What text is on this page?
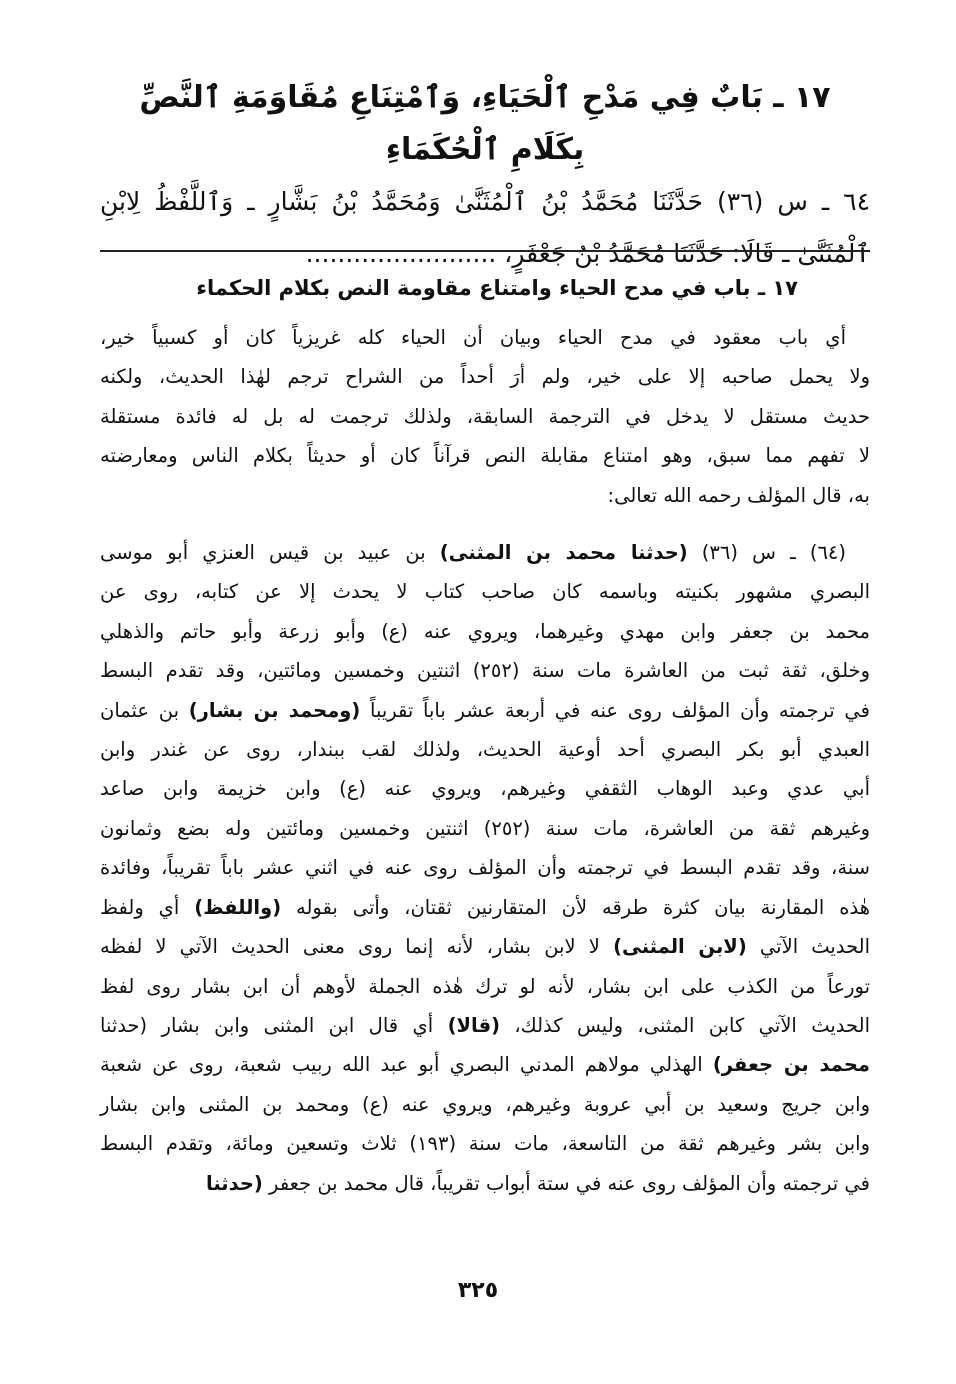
١٧ ـ بَابٌ فِي مَدْحِ ٱلْحَيَاءِ، وَٱمْتِنَاعِ مُقَاوَمَةِ ٱلنَّصِّ بِكَلَامِ ٱلْحُكَمَاءِ

٦٤ ـ س (٣٦) حَدَّثَنَا مُحَمَّدُ بْنُ ٱلْمُثَنَّىٰ وَمُحَمَّدُ بْنُ بَشَّارٍ ـ وَٱللَّفْظُ لِابْنِ

ٱلْمُثَنَّىٰ ـ قَالَا: حَدَّثَنَا مُحَمَّدُ بْنُ جَعْفَرٍ، ........................

١٧ ـ باب في مدح الحياء وامتناع مقاومة النص بكلام الحكماء
أي باب معقود في مدح الحياء وبيان أن الحياء كله غريزياً كان أو كسبياً خير،
ولا يحمل صاحبه إلا على خير، ولم أرَ أحداً من الشراح ترجم لهٰذا الحديث، ولكنه
حديث مستقل لا يدخل في الترجمة السابقة، ولذلك ترجمت له بل له فائدة مستقلة
لا تفهم مما سبق، وهو امتناع مقابلة النص قرآناً كان أو حديثاً بكلام الناس ومعارضته
به، قال المؤلف رحمه الله تعالى:
(٦٤) ـ س (٣٦) (حدثنا محمد بن المثنى) بن عبيد بن قيس العنزي أبو موسى
البصري مشهور بكنيته وباسمه كان صاحب كتاب لا يحدث إلا عن كتابه، روى عن
محمد بن جعفر وابن مهدي وغيرهما، ويروي عنه (ع) وأبو زرعة وأبو حاتم والذهلي
وخلق، ثقة ثبت من العاشرة مات سنة (٢٥٢) اثنتين وخمسين ومائتين، وقد تقدم البسط
في ترجمته وأن المؤلف روى عنه في أربعة عشر باباً تقريباً (ومحمد بن بشار) بن عثمان
العبدي أبو بكر البصري أحد أوعية الحديث، ولذلك لقب ببندار، روى عن غندر وابن
أبي عدي وعبد الوهاب الثقفي وغيرهم، ويروي عنه (ع) وابن خزيمة وابن صاعد
وغيرهم ثقة من العاشرة، مات سنة (٢٥٢) اثنتين وخمسين ومائتين وله بضع وثمانون
سنة، وقد تقدم البسط في ترجمته وأن المؤلف روى عنه في اثني عشر باباً تقريباً، وفائدة
هٰذه المقارنة بيان كثرة طرقه لأن المتقارنين ثقتان، وأتى بقوله (واللفظ) أي ولفظ
الحديث الآتي (لابن المثنى) لا لابن بشار، لأنه إنما روى معنى الحديث الآتي لا لفظه
تورعاً من الكذب على ابن بشار، لأنه لو ترك هٰذه الجملة لأوهم أن ابن بشار روى لفظ
الحديث الآتي كابن المثنى، وليس كذلك، (قالا) أي قال ابن المثنى وابن بشار (حدثنا
محمد بن جعفر) الهذلي مولاهم المدني البصري أبو عبد الله ربيب شعبة، روى عن شعبة
وابن جريج وسعيد بن أبي عروبة وغيرهم، ويروي عنه (ع) ومحمد بن المثنى وابن بشار
وابن بشر وغيرهم ثقة من التاسعة، مات سنة (١٩٣) ثلاث وتسعين ومائة، وتقدم البسط
في ترجمته وأن المؤلف روى عنه في ستة أبواب تقريباً، قال محمد بن جعفر (حدثنا
٣٢٥
